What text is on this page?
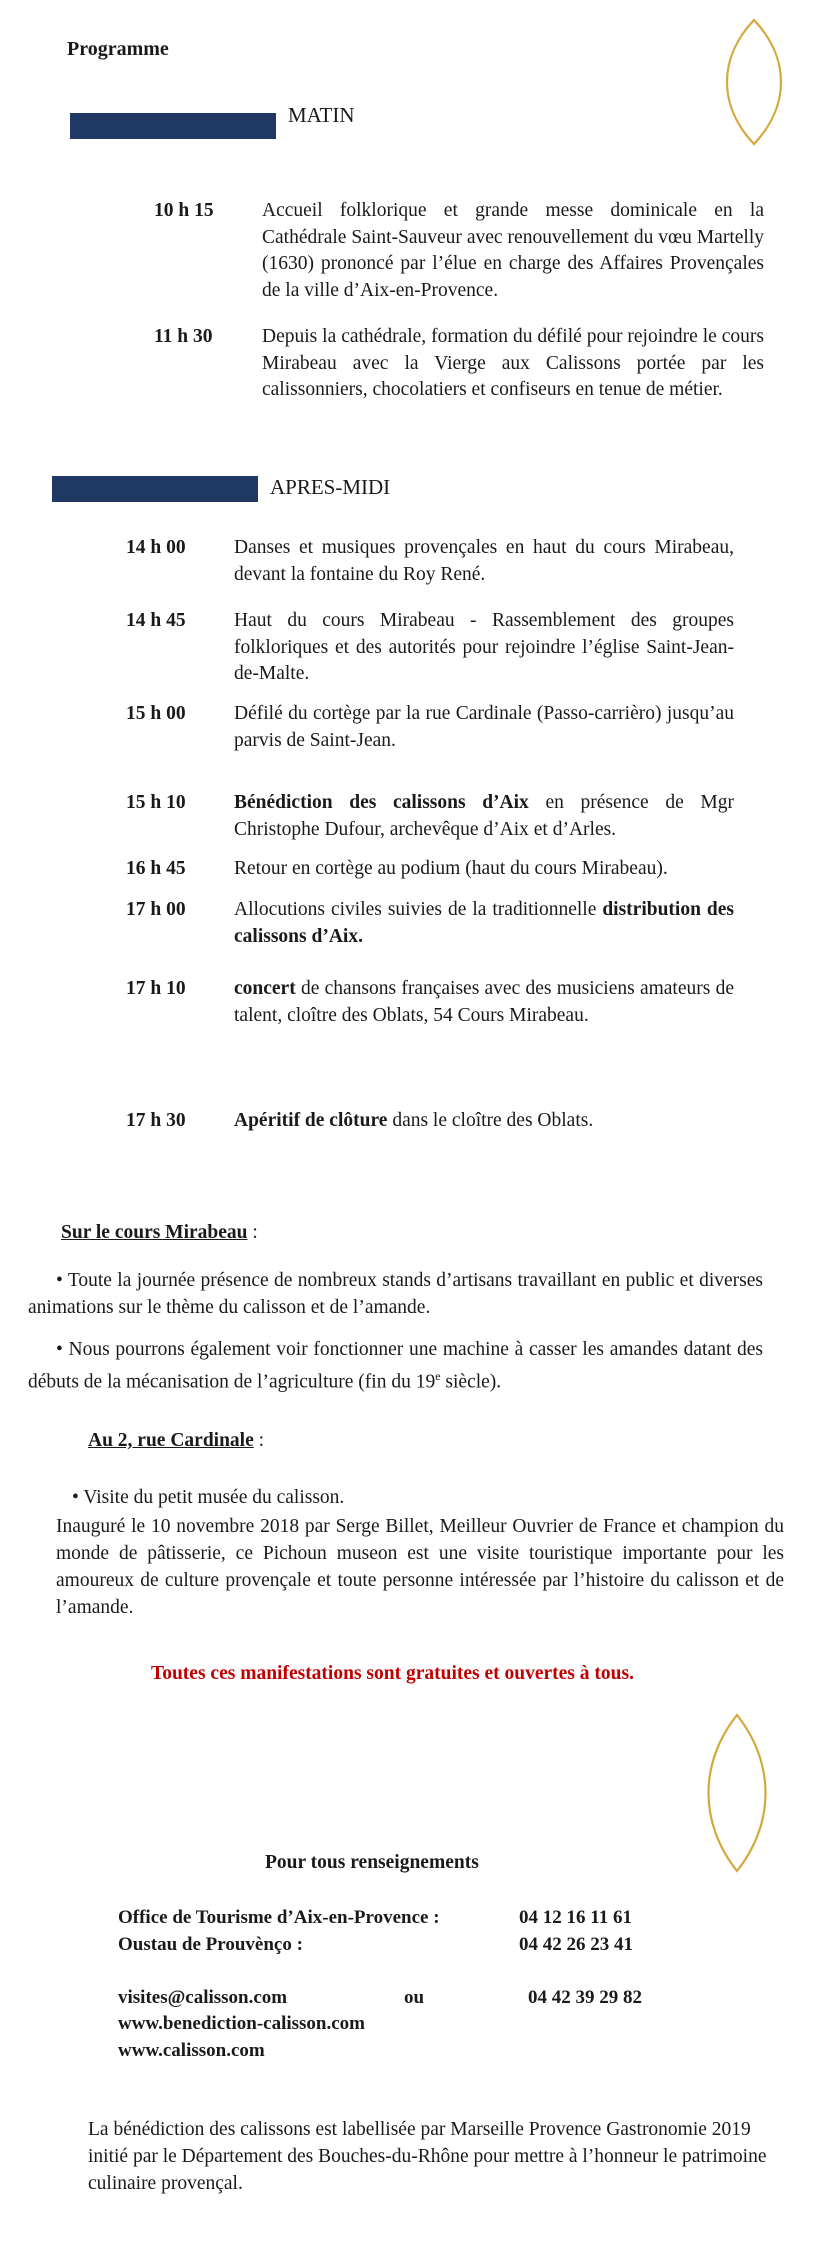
Programme
MATIN
10 h 15 Accueil folklorique et grande messe dominicale en la Cathédrale Saint-Sauveur avec renouvellement du vœu Martelly (1630) prononcé par l’élue en charge des Affaires Provençales de la ville d’Aix-en-Provence.
11 h 30	Depuis la cathédrale, formation du défilé pour rejoindre le cours Mirabeau avec la Vierge aux Calissons portée par les calissonniers, chocolatiers et confiseurs en tenue de métier.
APRES-MIDI
14 h 00 Danses et musiques provençales en haut du cours Mirabeau, devant la fontaine du Roy René.
14 h 45 Haut du cours Mirabeau - Rassemblement des groupes folkloriques et des autorités pour rejoindre l’église Saint-Jean-de-Malte.
15 h 00 Défilé du cortège par la rue Cardinale (Passo-carrièro) jusqu’au parvis de Saint-Jean.
15 h 10 Bénédiction des calissons d’Aix en présence de Mgr Christophe Dufour, archevêque d’Aix et d’Arles.
16 h 45 Retour en cortège au podium (haut du cours Mirabeau).
17 h 00 Allocutions civiles suivies de la traditionnelle distribution des calissons d’Aix.
17 h 10 concert de chansons françaises avec des musiciens amateurs de talent, cloître des Oblats, 54 Cours Mirabeau.
17 h 30 Apéritif de clôture dans le cloître des Oblats.
Sur le cours Mirabeau :
• Toute la journée présence de nombreux stands d’artisans travaillant en public et diverses animations sur le thème du calisson et de l’amande.
• Nous pourrons également voir fonctionner une machine à casser les amandes datant des débuts de la mécanisation de l’agriculture (fin du 19e siècle).
Au 2, rue Cardinale :
• Visite du petit musée du calisson.
Inauguré le 10 novembre 2018 par Serge Billet, Meilleur Ouvrier de France et champion du monde de pâtisserie, ce Pichoun museon est une visite touristique importante pour les amoureux de culture provençale et toute personne intéressée par l’histoire du calisson et de l’amande.
Toutes ces manifestations sont gratuites et ouvertes à tous.
Pour tous renseignements
Office de Tourisme d’Aix-en-Provence :	04 12 16 11 61
Oustau de Prouvènço :	04 42 26 23 41
visites@calisson.com	ou	04 42 39 29 82
www.benediction-calisson.com
www.calisson.com
La bénédiction des calissons est labellisée par Marseille Provence Gastronomie 2019 initié par le Département des Bouches-du-Rhône pour mettre à l’honneur le patrimoine culinaire provençal.
